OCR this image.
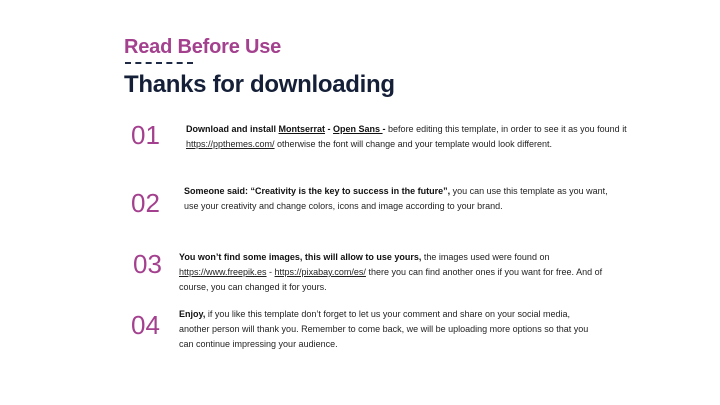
Read Before Use
Thanks for downloading
01	Download and install Montserrat - Open Sans - before editing this template, in order to see it as you found it https://ppthemes.com/ otherwise the font will change and your template would look different.
02	Someone said: “Creativity is the key to success in the future”, you can use this template as you want, use your creativity and change colors, icons and image according to your brand.
03 You won’t find some images, this will allow to use yours, the images used were found on https://www.freepik.es - https://pixabay.com/es/ there you can find another ones if you want for free. And of course, you can changed it for yours.
04 Enjoy, if you like this template don’t forget to let us your comment and share on your social media, another person will thank you. Remember to come back, we will be uploading more options so that you can continue impressing your audience.
